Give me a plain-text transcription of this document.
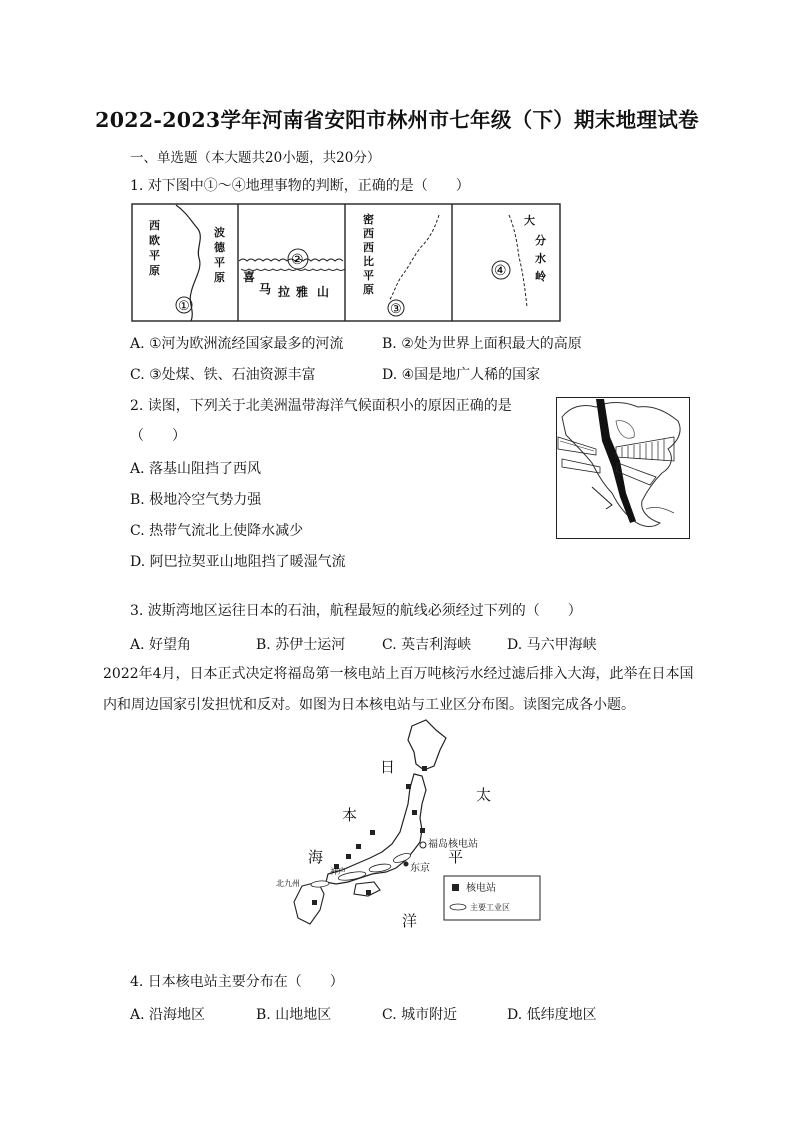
2022-2023学年河南省安阳市林州市七年级（下）期末地理试卷
一、单选题（本大题共20小题，共20分）
1. 对下图中①～④地理事物的判断，正确的是（　　）
西
欧
平
原
波
德
平
原
①
②
喜
马 拉 雅 山
密
西
西
比
平
原
③
大
分
水
岭
④
A. ①河为欧洲流经国家最多的河流	B. ②处为世界上面积最大的高原
C. ③处煤、铁、石油资源丰富	D. ④国是地广人稀的国家
2. 读图，下列关于北美洲温带海洋气候面积小的原因正确的是
（　　）
A. 落基山阻挡了西风
B. 极地冷空气势力强
C. 热带气流北上使降水减少
D. 阿巴拉契亚山地阻挡了暖湿气流
3. 波斯湾地区运往日本的石油，航程最短的航线必须经过下列的（　　）
A. 好望角	B. 苏伊士运河	C. 英吉利海峡	D. 马六甲海峡
2022年4月，日本正式决定将福岛第一核电站上百万吨核污水经过滤后排入大海，此举在日本国
内和周边国家引发担忧和反对。如图为日本核电站与工业区分布图。读图完成各小题。
日
本
海
太
平
洋
福岛核电站
东京
神户
北九州	核电站
主要工业区
4. 日本核电站主要分布在（　　）
A. 沿海地区	B. 山地地区	C. 城市附近	D. 低纬度地区
